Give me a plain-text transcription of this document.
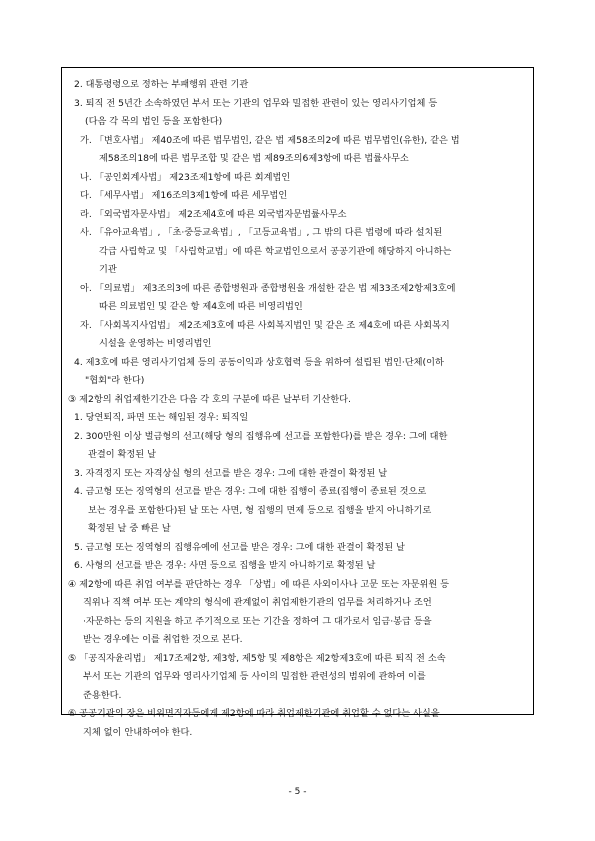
2. 대통령령으로 정하는 부패행위 관련 기관
3. 퇴직 전 5년간 소속하였던 부서 또는 기관의 업무와 밀접한 관련이 있는 영리사기업체 등
(다음 각 목의 법인 등을 포함한다)
가. 「변호사법」 제40조에 따른 법무법인, 같은 법 제58조의2에 따른 법무법인(유한), 같은 법
제58조의18에 따른 법무조합 및 같은 법 제89조의6제3항에 따른 법률사무소
나. 「공인회계사법」 제23조제1항에 따른 회계법인
다. 「세무사법」 제16조의3제1항에 따른 세무법인
라. 「외국법자문사법」 제2조제4호에 따른 외국법자문법률사무소
사. 「유아교육법」, 「초·중등교육법」, 「고등교육법」, 그 밖의 다른 법령에 따라 설치된
각급 사립학교 및 「사립학교법」에 따른 학교법인으로서 공공기관에 해당하지 아니하는
기관
아. 「의료법」 제3조의3에 따른 종합병원과 종합병원을 개설한 같은 법 제33조제2항제3호에
따른 의료법인 및 같은 항 제4호에 따른 비영리법인
자. 「사회복지사업법」 제2조제3호에 따른 사회복지법인 및 같은 조 제4호에 따른 사회복지
시설을 운영하는 비영리법인
4. 제3호에 따른 영리사기업체 등의 공동이익과 상호협력 등을 위하여 설립된 법인·단체(이하
"협회"라 한다)
③ 제2항의 취업제한기간은 다음 각 호의 구분에 따른 날부터 기산한다.
1. 당연퇴직, 파면 또는 해임된 경우: 퇴직일
2. 300만원 이상 벌금형의 선고(해당 형의 집행유예 선고를 포함한다)를 받은 경우: 그에 대한
관결이 확정된 날
3. 자격정지 또는 자격상실 형의 선고를 받은 경우: 그에 대한 관결이 확정된 날
4. 금고형 또는 징역형의 선고를 받은 경우: 그에 대한 집행이 종료(집행이 종료된 것으로
보는 경우를 포함한다)된 날 또는 사면, 형 집행의 면제 등으로 집행을 받지 아니하기로
확정된 날 중 빠른 날
5. 금고형 또는 징역형의 집행유예에 선고를 받은 경우: 그에 대한 관결이 확정된 날
6. 사형의 선고를 받은 경우: 사면 등으로 집행을 받지 아니하기로 확정된 날
④ 제2항에 따른 취업 여부를 판단하는 경우 「상법」에 따른 사외이사나 고문 또는 자문위원 등
직위나 직책 여부 또는 계약의 형식에 관계없이 취업제한기관의 업무를 처리하거나 조언
·자문하는 등의 지원을 하고 주기적으로 또는 기간을 정하여 그 대가로서 임금·봉급 등을
받는 경우에는 이를 취업한 것으로 본다.
⑤ 「공직자윤리법」 제17조제2항, 제3항, 제5항 및 제8항은 제2항제3호에 따른 퇴직 전 소속
부서 또는 기관의 업무와 영리사기업체 등 사이의 밀접한 관련성의 범위에 관하여 이를
준용한다.
⑥ 공공기관의 장은 비위면직자등에게 제2항에 따라 취업제한기관에 취업할 수 없다는 사실을
지체 없이 안내하여야 한다.
- 5 -
